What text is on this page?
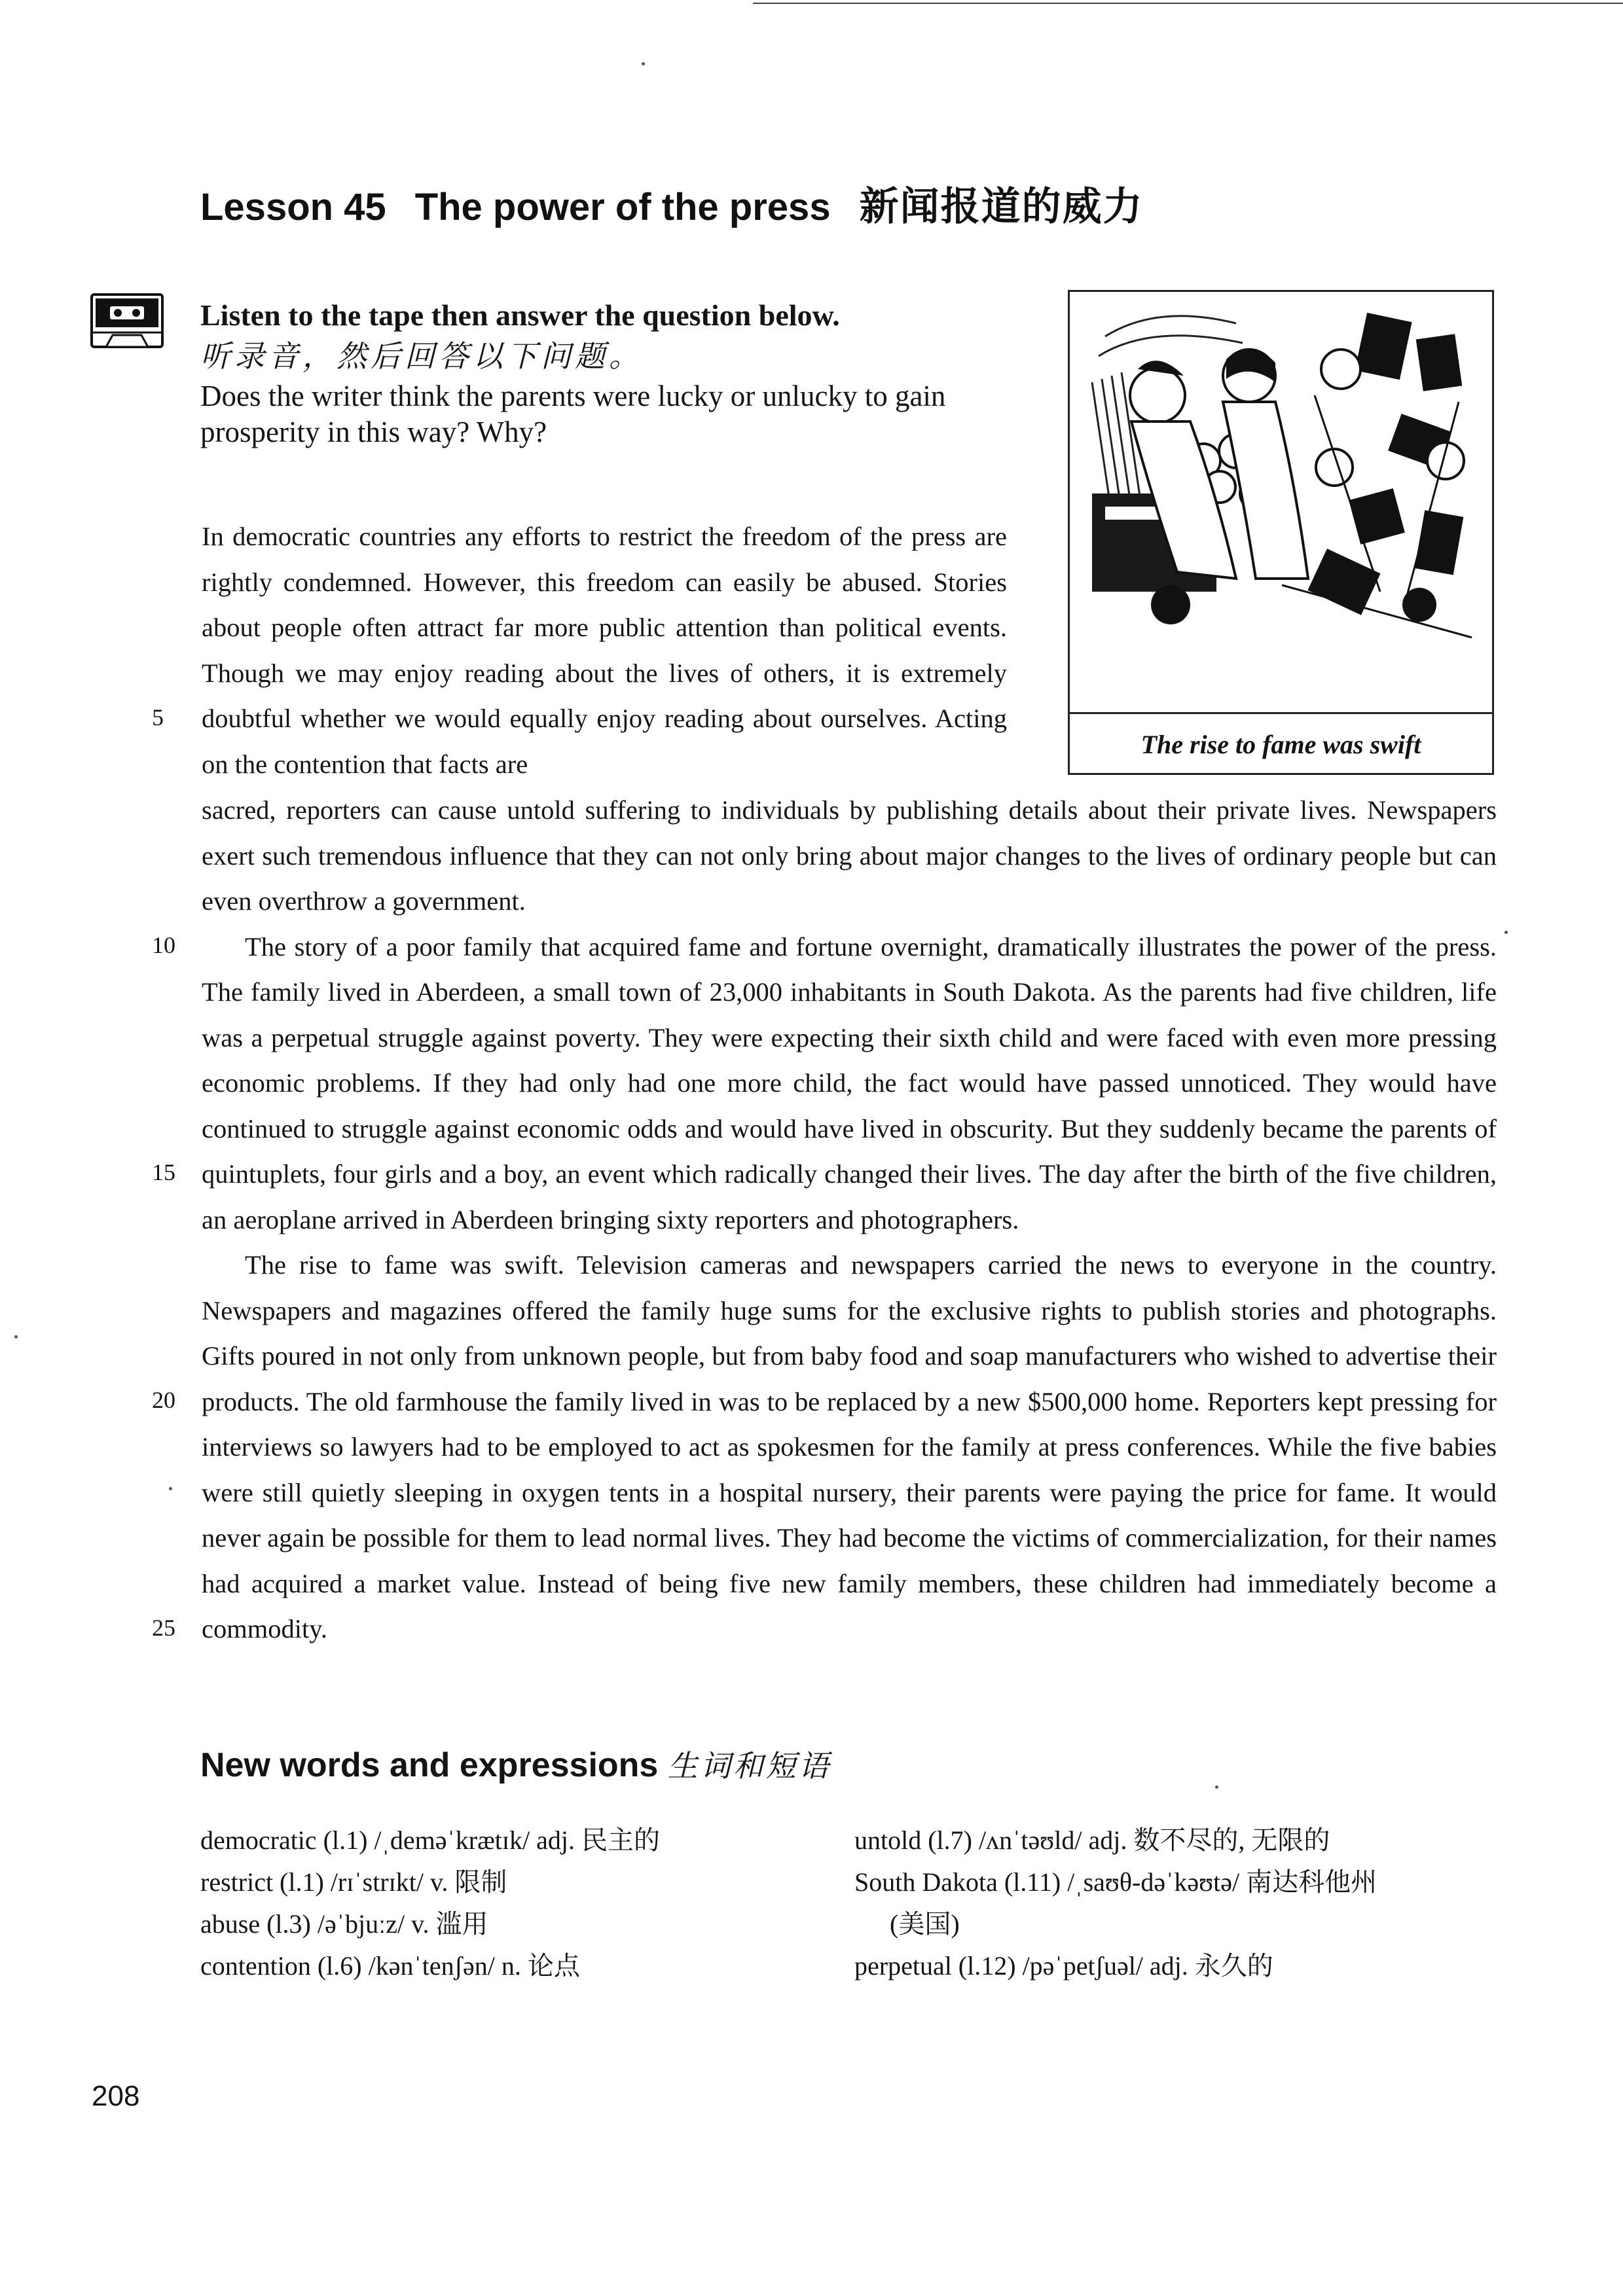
Lesson 45 The power of the press 新闻报道的威力
Listen to the tape then answer the question below.
听录音，然后回答以下问题。
Does the writer think the parents were lucky or unlucky to gain prosperity in this way? Why?
The rise to fame was swift

In democratic countries any efforts to restrict the freedom of the press are rightly condemned. However, this freedom can easily be abused. Stories about people often attract far more public attention than political events. Though we may enjoy reading about the lives of others, it is extremely doubtful whether we would equally enjoy reading about ourselves. Acting on the contention that facts are

sacred, reporters can cause untold suffering to individuals by publishing details about their private lives. Newspapers exert such tremendous influence that they can not only bring about major changes to the lives of ordinary people but can even overthrow a government.

The story of a poor family that acquired fame and fortune overnight, dramatically illustrates the power of the press. The family lived in Aberdeen, a small town of 23,000 inhabitants in South Dakota. As the parents had five children, life was a perpetual struggle against poverty. They were expecting their sixth child and were faced with even more pressing economic problems. If they had only had one more child, the fact would have passed unnoticed. They would have continued to struggle against economic odds and would have lived in obscurity. But they suddenly became the parents of quintuplets, four girls and a boy, an event which radically changed their lives. The day after the birth of the five children, an aeroplane arrived in Aberdeen bringing sixty reporters and photographers.

The rise to fame was swift. Television cameras and newspapers carried the news to everyone in the country. Newspapers and magazines offered the family huge sums for the exclusive rights to publish stories and photographs. Gifts poured in not only from unknown people, but from baby food and soap manufacturers who wished to advertise their products. The old farmhouse the family lived in was to be replaced by a new $500,000 home. Reporters kept pressing for interviews so lawyers had to be employed to act as spokesmen for the family at press conferences. While the five babies were still quietly sleeping in oxygen tents in a hospital nursery, their parents were paying the price for fame. It would never again be possible for them to lead normal lives. They had become the victims of commercialization, for their names had acquired a market value. Instead of being five new family members, these children had immediately become a commodity.

5
10
15
20
25
New words and expressions 生词和短语
democratic (l.1) /ˌdeməˈkrætɪk/ adj. 民主的
restrict (l.1) /rɪˈstrɪkt/ v. 限制
abuse (l.3) /əˈbjuːz/ v. 滥用
contention (l.6) /kənˈtenʃən/ n. 论点
untold (l.7) /ʌnˈtəʊld/ adj. 数不尽的, 无限的
South Dakota (l.11) /ˌsaʊθ-dəˈkəʊtə/ 南达科他州
(美国)
perpetual (l.12) /pəˈpetʃuəl/ adj. 永久的
208
